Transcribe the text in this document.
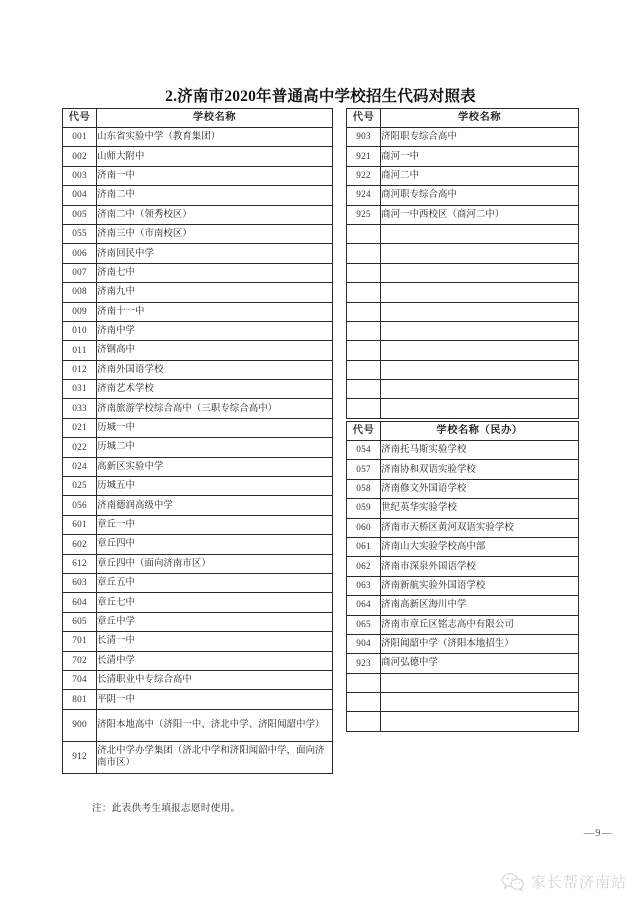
2.济南市2020年普通高中学校招生代码对照表
代号	学校名称
001	山东省实验中学（教育集团）
002	山师大附中
003	济南一中
004	济南二中
005	济南二中（领秀校区）
055	济南三中（市南校区）
006	济南回民中学
007	济南七中
008	济南九中
009	济南十一中
010	济南中学
011	济钢高中
012	济南外国语学校
031	济南艺术学校
033	济南旅游学校综合高中（三职专综合高中）
021	历城一中
022	历城二中
024	高新区实验中学
025	历城五中
056	济南德润高级中学
601	章丘一中
602	章丘四中
612	章丘四中（面向济南市区）
603	章丘五中
604	章丘七中
605	章丘中学
701	长清一中
702	长清中学
704	长清职业中专综合高中
801	平阴一中
900	济阳本地高中（济阳一中、济北中学、济阳闻韶中学）
912	济北中学办学集团（济北中学和济阳闻韶中学，面向济南市区）
代号	学校名称
903	济阳职专综合高中
921	商河一中
922	商河二中
924	商河职专综合高中
925	商河一中西校区（商河二中）

代号	学校名称（民办）
054	济南托马斯实验学校
057	济南协和双语实验学校
058	济南修文外国语学校
059	世纪英华实验学校
060	济南市天桥区黄河双语实验学校
061	济南山大实验学校高中部
062	济南市深泉外国语学校
063	济南新航实验外国语学校
064	济南高新区海川中学
065	济南市章丘区铭志高中有限公司
904	济阳闻韶中学（济阳本地招生）
923	商河弘德中学

注：此表供考生填报志愿时使用。
—9—
家长帮济南站
